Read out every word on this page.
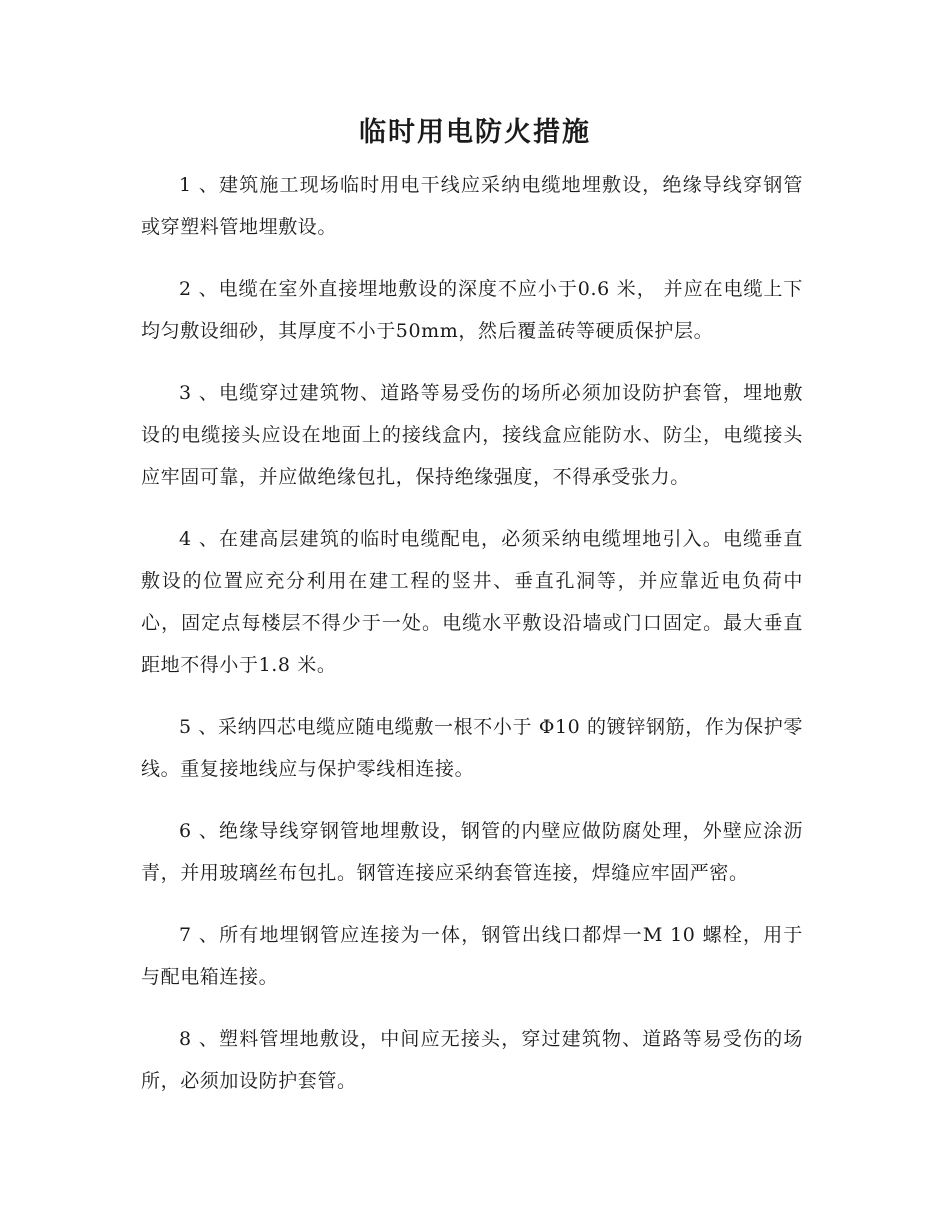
临时用电防火措施

1 、建筑施工现场临时用电干线应采纳电缆地埋敷设，绝缘导线穿钢管或穿塑料管地埋敷设。

2 、电缆在室外直接埋地敷设的深度不应小于0.6 米， 并应在电缆上下均匀敷设细砂，其厚度不小于50mm，然后覆盖砖等硬质保护层。

3 、电缆穿过建筑物、道路等易受伤的场所必须加设防护套管，埋地敷设的电缆接头应设在地面上的接线盒内，接线盒应能防水、防尘，电缆接头应牢固可靠，并应做绝缘包扎，保持绝缘强度，不得承受张力。

4 、在建高层建筑的临时电缆配电，必须采纳电缆埋地引入。电缆垂直敷设的位置应充分利用在建工程的竖井、垂直孔洞等，并应靠近电负荷中心，固定点每楼层不得少于一处。电缆水平敷设沿墙或门口固定。最大垂直距地不得小于1.8 米。

5 、采纳四芯电缆应随电缆敷一根不小于 Φ10 的镀锌钢筋，作为保护零线。重复接地线应与保护零线相连接。

6 、绝缘导线穿钢管地埋敷设，钢管的内壁应做防腐处理，外壁应涂沥青，并用玻璃丝布包扎。钢管连接应采纳套管连接，焊缝应牢固严密。

7 、所有地埋钢管应连接为一体，钢管出线口都焊一M 10 螺栓，用于与配电箱连接。

8 、塑料管埋地敷设，中间应无接头，穿过建筑物、道路等易受伤的场所，必须加设防护套管。
